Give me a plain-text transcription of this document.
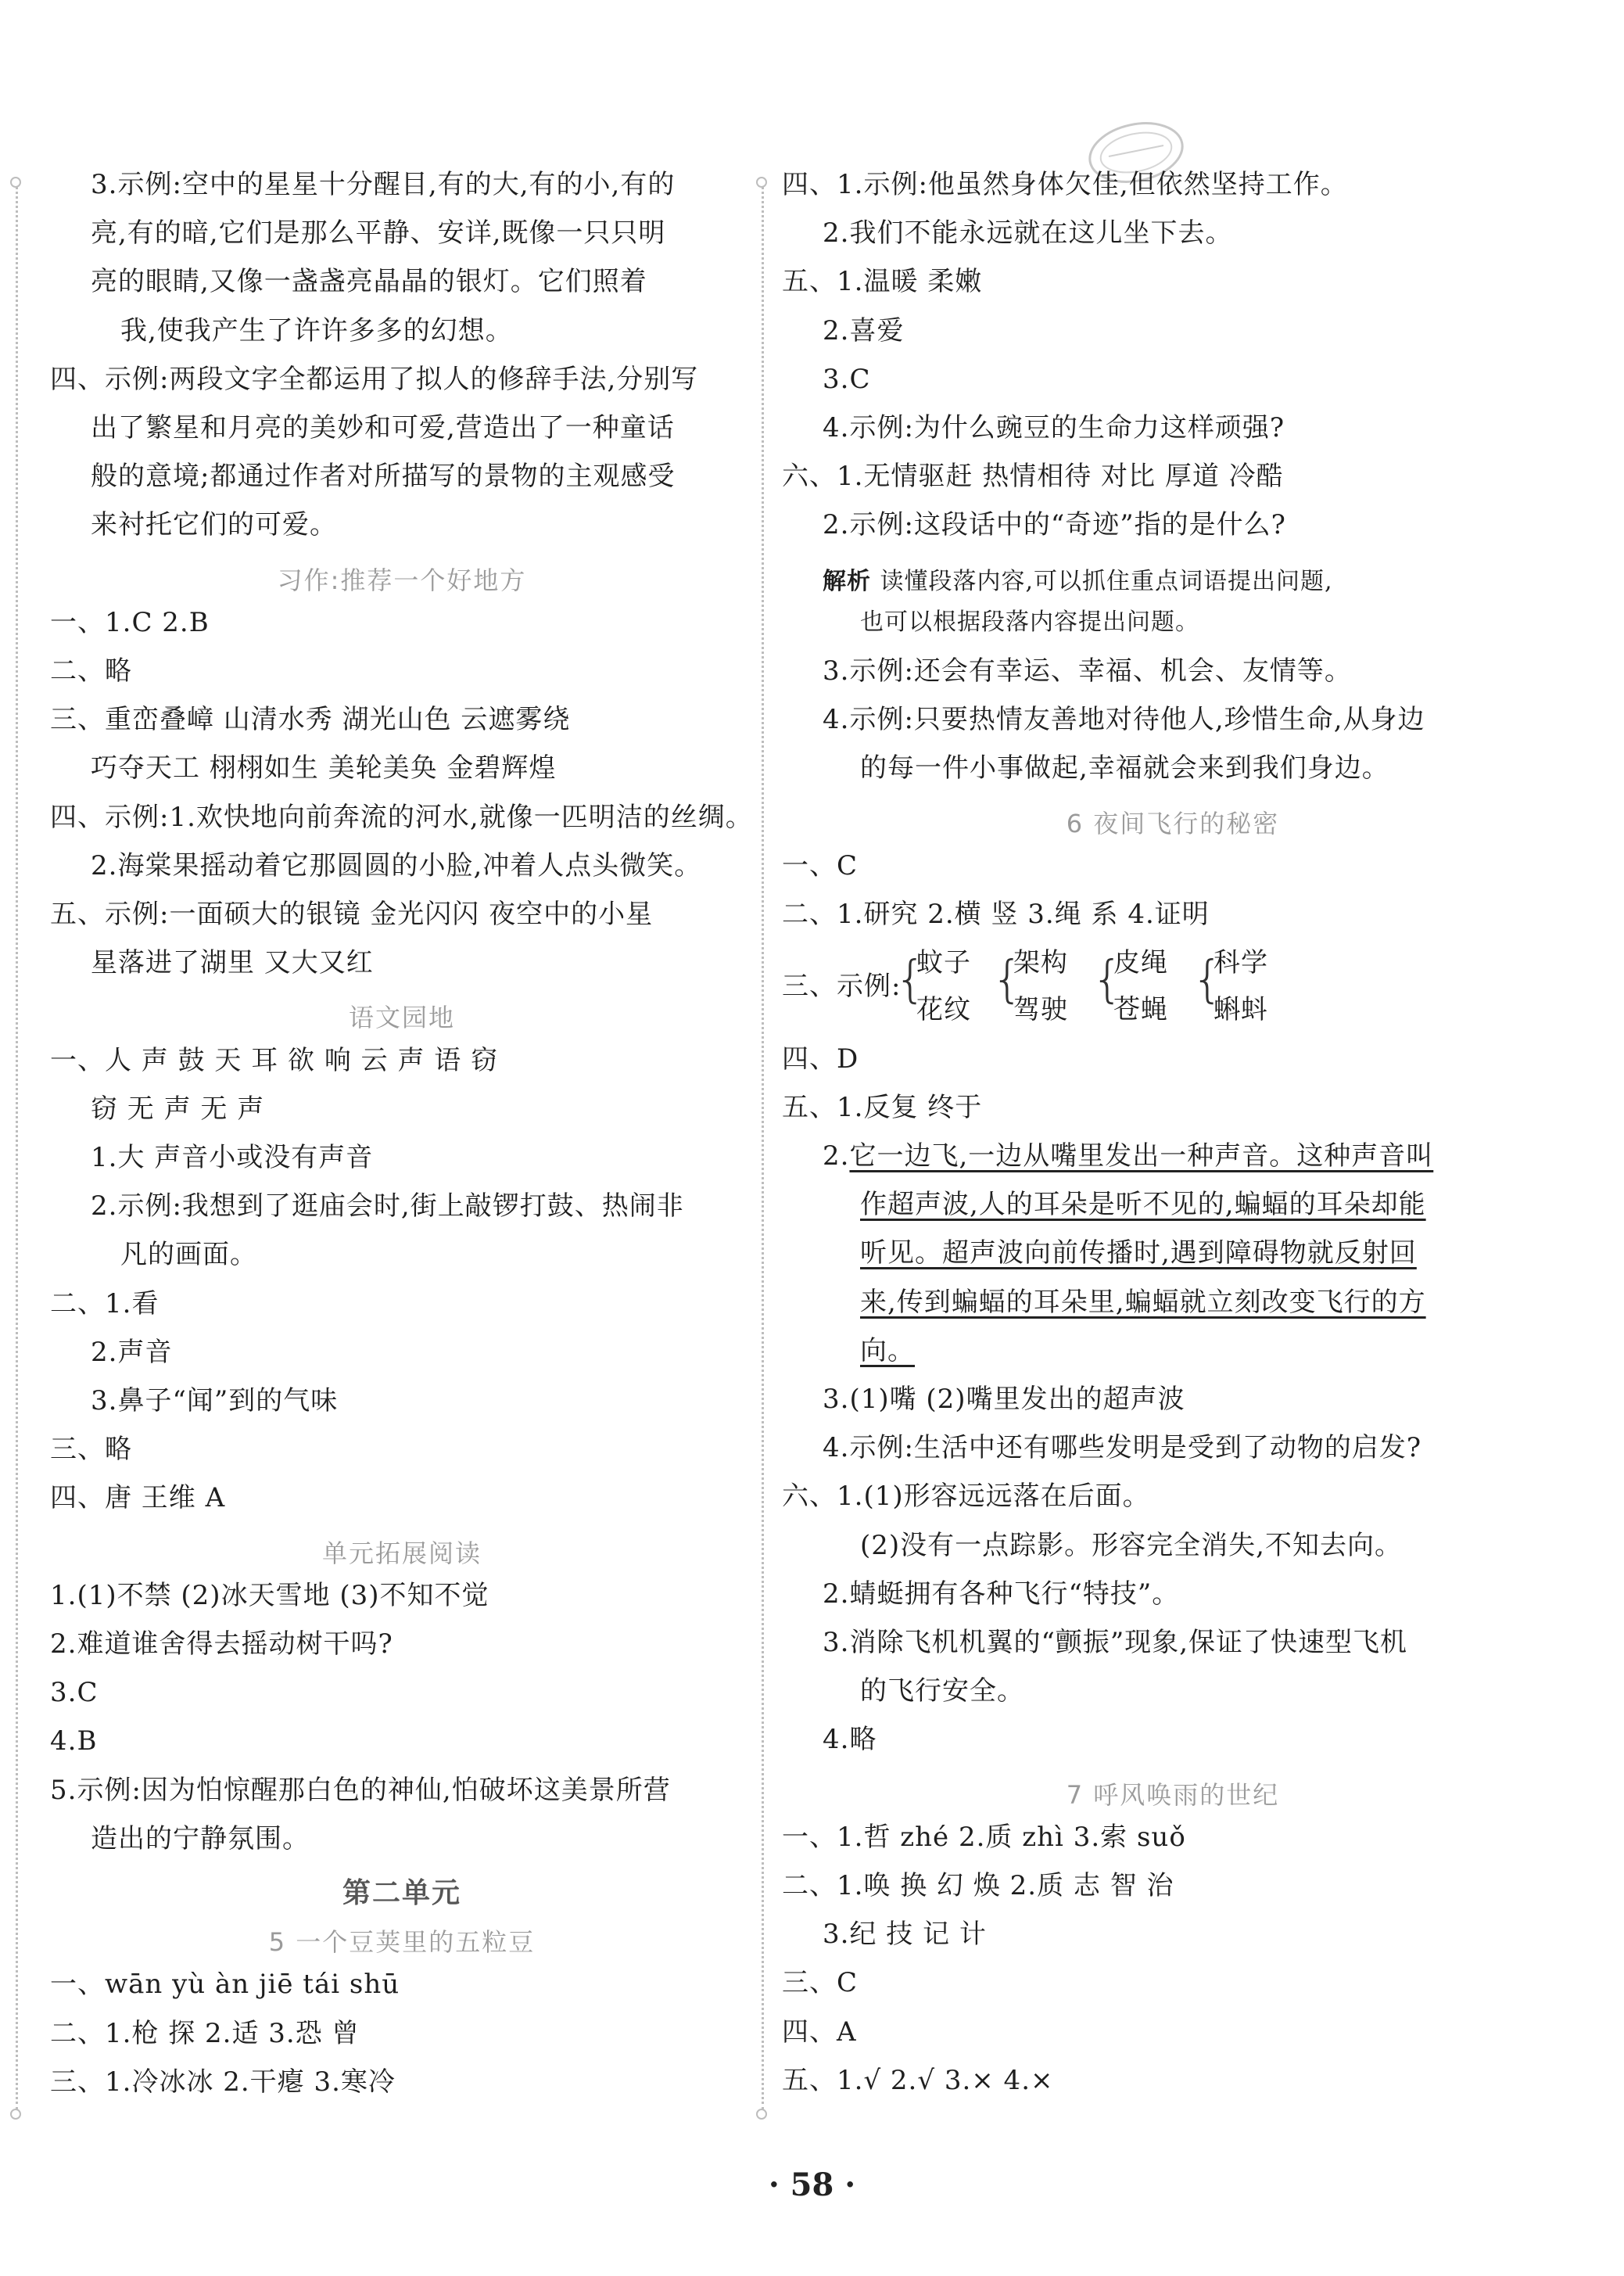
3.示例:空中的星星十分醒目,有的大,有的小,有的
亮,有的暗,它们是那么平静、安详,既像一只只明
亮的眼睛,又像一盏盏亮晶晶的银灯。它们照着
我,使我产生了许许多多的幻想。
四、示例:两段文字全都运用了拟人的修辞手法,分别写
出了繁星和月亮的美妙和可爱,营造出了一种童话
般的意境;都通过作者对所描写的景物的主观感受
来衬托它们的可爱。
习作:推荐一个好地方
一、1.C 2.B
二、略
三、重峦叠嶂 山清水秀 湖光山色 云遮雾绕
巧夺天工 栩栩如生 美轮美奂 金碧辉煌
四、示例:1.欢快地向前奔流的河水,就像一匹明洁的丝绸。
2.海棠果摇动着它那圆圆的小脸,冲着人点头微笑。
五、示例:一面硕大的银镜 金光闪闪 夜空中的小星
星落进了湖里 又大又红
语文园地
一、人 声 鼓 天 耳 欲 响 云 声 语 窃
窃 无 声 无 声
1.大 声音小或没有声音
2.示例:我想到了逛庙会时,街上敲锣打鼓、热闹非
凡的画面。
二、1.看
2.声音
3.鼻子“闻”到的气味
三、略
四、唐 王维 A
单元拓展阅读
1.(1)不禁 (2)冰天雪地 (3)不知不觉
2.难道谁舍得去摇动树干吗?
3.C
4.B
5.示例:因为怕惊醒那白色的神仙,怕破坏这美景所营
造出的宁静氛围。
第二单元
5 一个豆荚里的五粒豆
一、wān yù àn jiē tái shū
二、1.枪 探 2.适 3.恐 曾
三、1.冷冰冰 2.干瘪 3.寒冷
四、1.示例:他虽然身体欠佳,但依然坚持工作。
2.我们不能永远就在这儿坐下去。
五、1.温暖 柔嫩
2.喜爱
3.C
4.示例:为什么豌豆的生命力这样顽强?
六、1.无情驱赶 热情相待 对比 厚道 冷酷
2.示例:这段话中的“奇迹”指的是什么?
解析 读懂段落内容,可以抓住重点词语提出问题,
也可以根据段落内容提出问题。
3.示例:还会有幸运、幸福、机会、友情等。
4.示例:只要热情友善地对待他人,珍惜生命,从身边
的每一件小事做起,幸福就会来到我们身边。
6 夜间飞行的秘密
一、C
二、1.研究 2.横 竖 3.绳 系 4.证明
三、示例:
{
蚊子
花纹
{
架构
驾驶
{
皮绳
苍蝇
{
科学
蝌蚪
四、D
五、1.反复 终于
2.它一边飞,一边从嘴里发出一种声音。这种声音叫
作超声波,人的耳朵是听不见的,蝙蝠的耳朵却能
听见。超声波向前传播时,遇到障碍物就反射回
来,传到蝙蝠的耳朵里,蝙蝠就立刻改变飞行的方
向。
3.(1)嘴 (2)嘴里发出的超声波
4.示例:生活中还有哪些发明是受到了动物的启发?
六、1.(1)形容远远落在后面。
(2)没有一点踪影。形容完全消失,不知去向。
2.蜻蜓拥有各种飞行“特技”。
3.消除飞机机翼的“颤振”现象,保证了快速型飞机
的飞行安全。
4.略
7 呼风唤雨的世纪
一、1.哲 zhé 2.质 zhì 3.索 suǒ
二、1.唤 换 幻 焕 2.质 志 智 治
3.纪 技 记 计
三、C
四、A
五、1.√ 2.√ 3.× 4.×
· 58 ·
